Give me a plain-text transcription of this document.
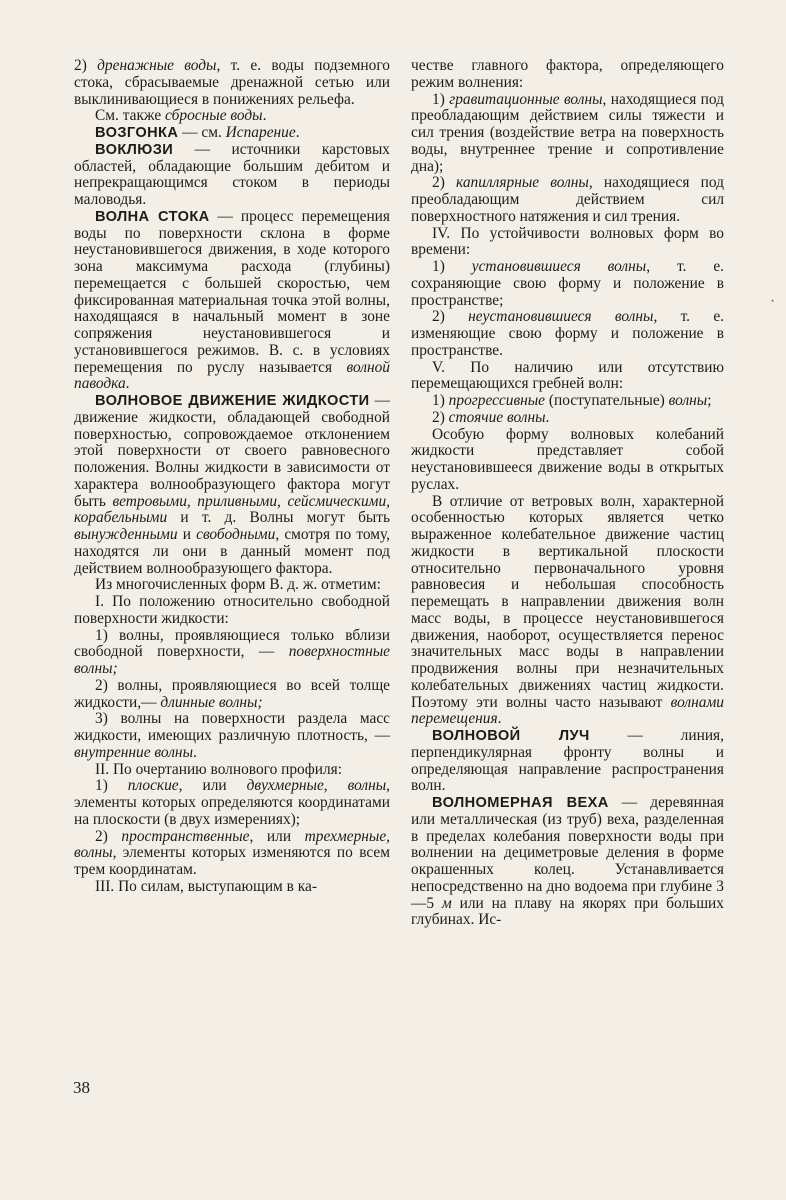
2) дренажные воды, т. е. воды подземного стока, сбрасываемые дренажной сетью или выклинивающиеся в понижениях рельефа.

См. также сбросные воды.

ВОЗГОНКА — см. Испарение.

ВОКЛЮЗИ — источники карстовых областей, обладающие большим дебитом и непрекращающимся стоком в периоды маловодья.

ВОЛНА СТОКА — процесс перемещения воды по поверхности склона в форме неустановившегося движения, в ходе которого зона максимума расхода (глубины) перемещается с большей скоростью, чем фиксированная материальная точка этой волны, находящаяся в начальный момент в зоне сопряжения неустановившегося и установившегося режимов. В. с. в условиях перемещения по руслу называется волной паводка.

ВОЛНОВОЕ ДВИЖЕНИЕ ЖИДКОСТИ — движение жидкости, обладающей свободной поверхностью, сопровождаемое отклонением этой поверхности от своего равновесного положения. Волны жидкости в зависимости от характера волнообразующего фактора могут быть ветровыми, приливными, сейсмическими, корабельными и т. д. Волны могут быть вынужденными и свободными, смотря по тому, находятся ли они в данный момент под действием волнообразующего фактора.

Из многочисленных форм В. д. ж. отметим:

I. По положению относительно свободной поверхности жидкости:

1) волны, проявляющиеся только вблизи свободной поверхности, — поверхностные волны;

2) волны, проявляющиеся во всей толще жидкости,— длинные волны;

3) волны на поверхности раздела масс жидкости, имеющих различную плотность, — внутренние волны.

II. По очертанию волнового профиля:

1) плоские, или двухмерные, волны, элементы которых определяются координатами на плоскости (в двух измерениях);

2) пространственные, или трехмерные, волны, элементы которых изменяются по всем трем координатам.

III. По силам, выступающим в ка-

честве главного фактора, определяющего режим волнения:

1) гравитационные волны, находящиеся под преобладающим действием силы тяжести и сил трения (воздействие ветра на поверхность воды, внутреннее трение и сопротивление дна);

2) капиллярные волны, находящиеся под преобладающим действием сил поверхностного натяжения и сил трения.

IV. По устойчивости волновых форм во времени:

1) установившиеся волны, т. е. сохраняющие свою форму и положение в пространстве;

2) неустановившиеся волны, т. е. изменяющие свою форму и положение в пространстве.

V. По наличию или отсутствию перемещающихся гребней волн:

1) прогрессивные (поступательные) волны;

2) стоячие волны.

Особую форму волновых колебаний жидкости представляет собой неустановившееся движение воды в открытых руслах.

В отличие от ветровых волн, характерной особенностью которых является четко выраженное колебательное движение частиц жидкости в вертикальной плоскости относительно первоначального уровня равновесия и небольшая способность перемещать в направлении движения волн масс воды, в процессе неустановившегося движения, наоборот, осуществляется перенос значительных масс воды в направлении продвижения волны при незначительных колебательных движениях частиц жидкости. Поэтому эти волны часто называют волнами перемещения.

ВОЛНОВОЙ ЛУЧ — линия, перпендикулярная фронту волны и определяющая направление распространения волн.

ВОЛНОМЕРНАЯ ВЕХА — деревянная или металлическая (из труб) веха, разделенная в пределах колебания поверхности воды при волнении на дециметровые деления в форме окрашенных колец. Устанавливается непосредственно на дно водоема при глубине 3—5 м или на плаву на якорях при больших глубинах. Ис-

38
•
